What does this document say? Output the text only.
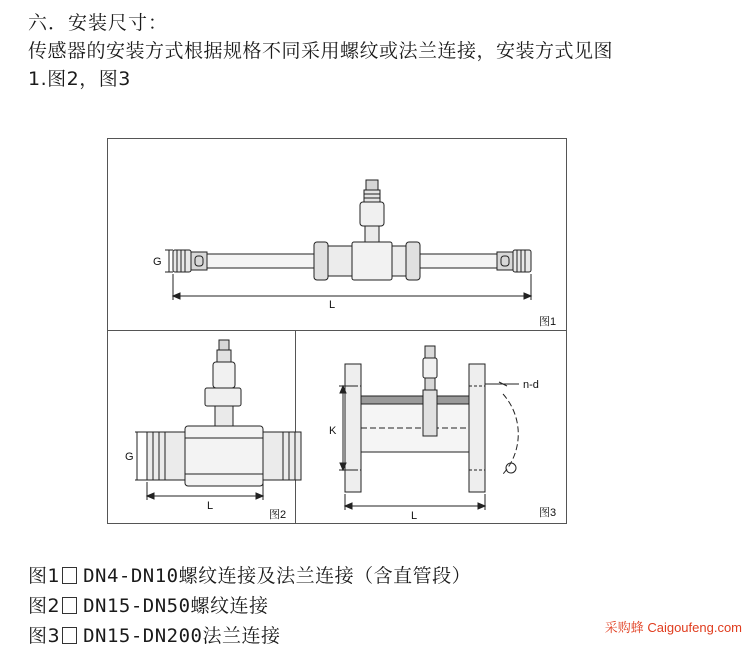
六．安装尺寸：
传感器的安装方式根据规格不同采用螺纹或法兰连接，安装方式见图
1.图2，图3
G
L
图1
G
L
图2
K
L
n-d
图3
图1 DN4-DN10螺纹连接及法兰连接（含直管段）
图2 DN15-DN50螺纹连接
图3 DN15-DN200法兰连接	采购蜂 Caigoufeng.com
